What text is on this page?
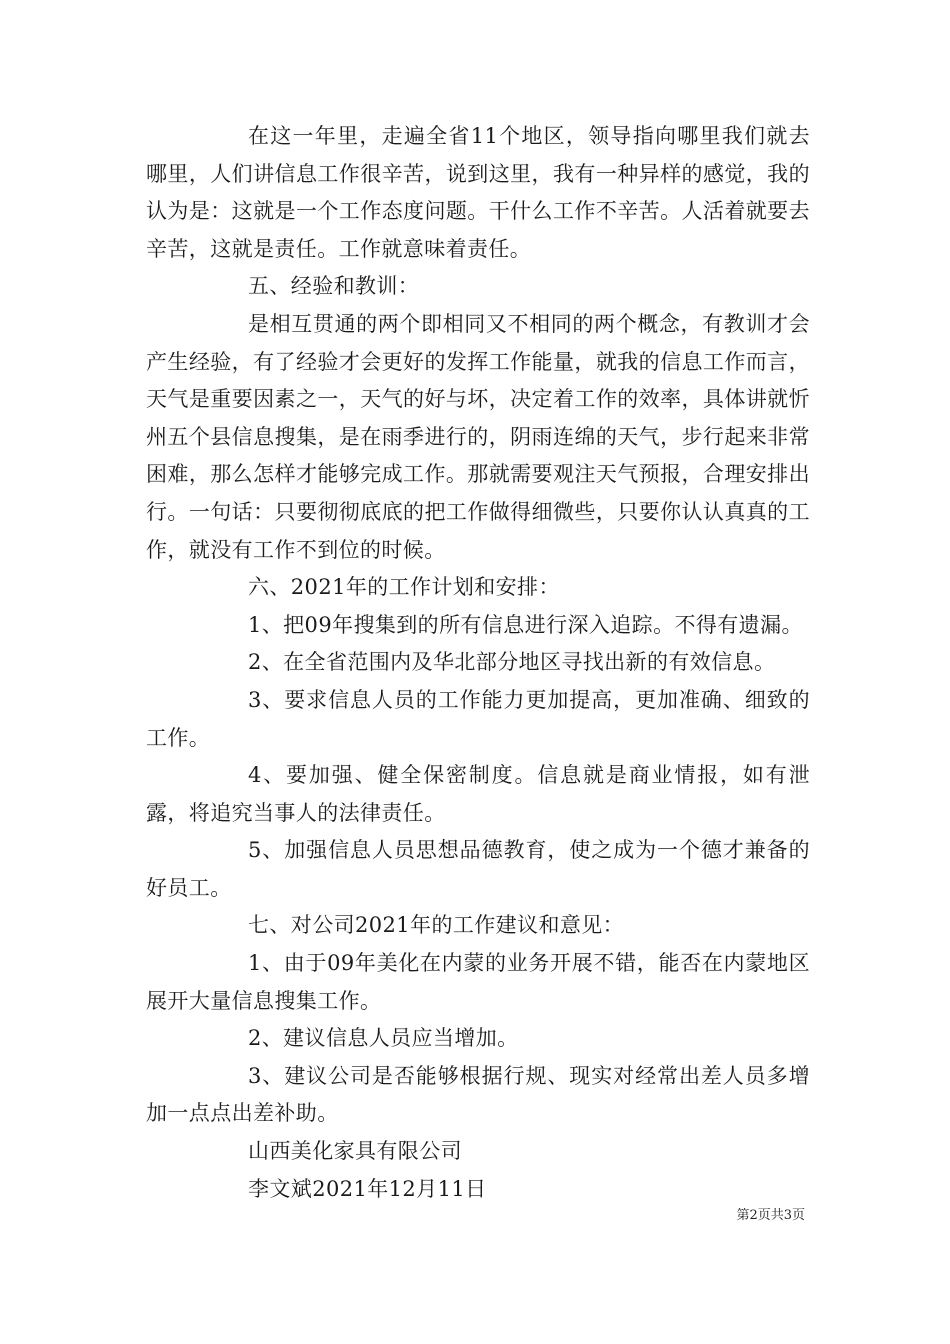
在这一年里，走遍全省11个地区，领导指向哪里我们就去哪里，人们讲信息工作很辛苦，说到这里，我有一种异样的感觉，我的认为是：这就是一个工作态度问题。干什么工作不辛苦。人活着就要去辛苦，这就是责任。工作就意味着责任。

五、经验和教训：

是相互贯通的两个即相同又不相同的两个概念，有教训才会产生经验，有了经验才会更好的发挥工作能量，就我的信息工作而言，天气是重要因素之一，天气的好与坏，决定着工作的效率，具体讲就忻州五个县信息搜集，是在雨季进行的，阴雨连绵的天气，步行起来非常困难，那么怎样才能够完成工作。那就需要观注天气预报，合理安排出行。一句话：只要彻彻底底的把工作做得细微些，只要你认认真真的工作，就没有工作不到位的时候。

六、2021年的工作计划和安排：

1、把09年搜集到的所有信息进行深入追踪。不得有遗漏。

2、在全省范围内及华北部分地区寻找出新的有效信息。

3、要求信息人员的工作能力更加提高，更加准确、细致的工作。

4、要加强、健全保密制度。信息就是商业情报，如有泄露，将追究当事人的法律责任。

5、加强信息人员思想品德教育，使之成为一个德才兼备的好员工。

七、对公司2021年的工作建议和意见：

1、由于09年美化在内蒙的业务开展不错，能否在内蒙地区展开大量信息搜集工作。

2、建议信息人员应当增加。

3、建议公司是否能够根据行规、现实对经常出差人员多增加一点点出差补助。

山西美化家具有限公司

李文斌2021年12月11日

第2页共3页
